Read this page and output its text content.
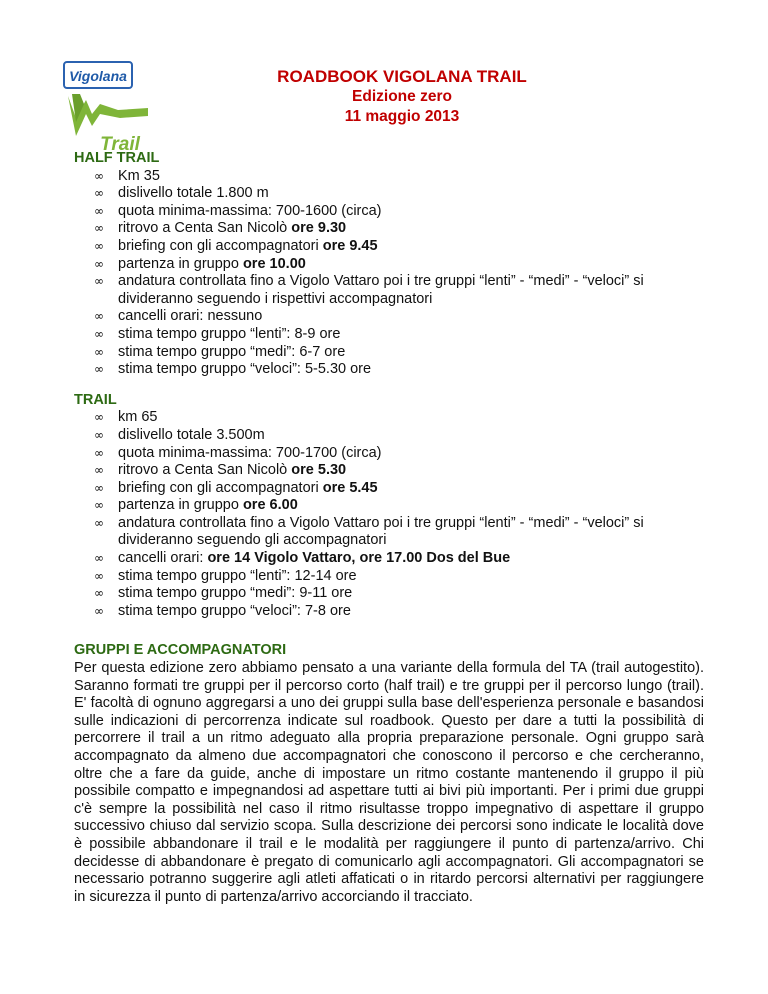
Vigolana
Trail
ROADBOOK VIGOLANA TRAIL
Edizione zero
11 maggio 2013
HALF TRAIL
∞ Km 35
∞ dislivello totale 1.800 m
∞ quota minima-massima: 700-1600 (circa)
∞ ritrovo a Centa San Nicolò ore 9.30
∞ briefing con gli accompagnatori ore 9.45
∞ partenza in gruppo ore 10.00
∞ andatura controllata fino a Vigolo Vattaro poi i tre gruppi “lenti” - “medi” - “veloci” si divideranno seguendo i rispettivi accompagnatori
∞ cancelli orari: nessuno
∞ stima tempo gruppo “lenti”: 8-9 ore
∞ stima tempo gruppo “medi”: 6-7 ore
∞ stima tempo gruppo “veloci”: 5-5.30 ore
TRAIL
∞ km 65
∞ dislivello totale 3.500m
∞ quota minima-massima: 700-1700 (circa)
∞ ritrovo a Centa San Nicolò ore 5.30
∞ briefing con gli accompagnatori ore 5.45
∞ partenza in gruppo ore 6.00
∞ andatura controllata fino a Vigolo Vattaro poi i tre gruppi “lenti” - “medi” - “veloci” si divideranno seguendo gli accompagnatori
∞ cancelli orari: ore 14 Vigolo Vattaro, ore 17.00 Dos del Bue
∞ stima tempo gruppo “lenti”: 12-14 ore
∞ stima tempo gruppo “medi”: 9-11 ore
∞ stima tempo gruppo “veloci”: 7-8 ore
GRUPPI E ACCOMPAGNATORI

Per questa edizione zero abbiamo pensato a una variante della formula del TA (trail autogestito). Saranno formati tre gruppi per il percorso corto (half trail) e tre gruppi per il percorso lungo (trail). E' facoltà di ognuno aggregarsi a uno dei gruppi sulla base dell'esperienza personale e basandosi sulle indicazioni di percorrenza indicate sul roadbook. Questo per dare a tutti la possibilità di percorrere il trail a un ritmo adeguato alla propria preparazione personale. Ogni gruppo sarà accompagnato da almeno due accompagnatori che conoscono il percorso e che cercheranno, oltre che a fare da guide, anche di impostare un ritmo costante mantenendo il gruppo il più possibile compatto e impegnandosi ad aspettare tutti ai bivi più importanti. Per i primi due gruppi c'è sempre la possibilità nel caso il ritmo risultasse troppo impegnativo di aspettare il gruppo successivo chiuso dal servizio scopa. Sulla descrizione dei percorsi sono indicate le località dove è possibile abbandonare il trail e le modalità per raggiungere il punto di partenza/arrivo. Chi decidesse di abbandonare è pregato di comunicarlo agli accompagnatori. Gli accompagnatori se necessario potranno suggerire agli atleti affaticati o in ritardo percorsi alternativi per raggiungere in sicurezza il punto di partenza/arrivo accorciando il tracciato.
